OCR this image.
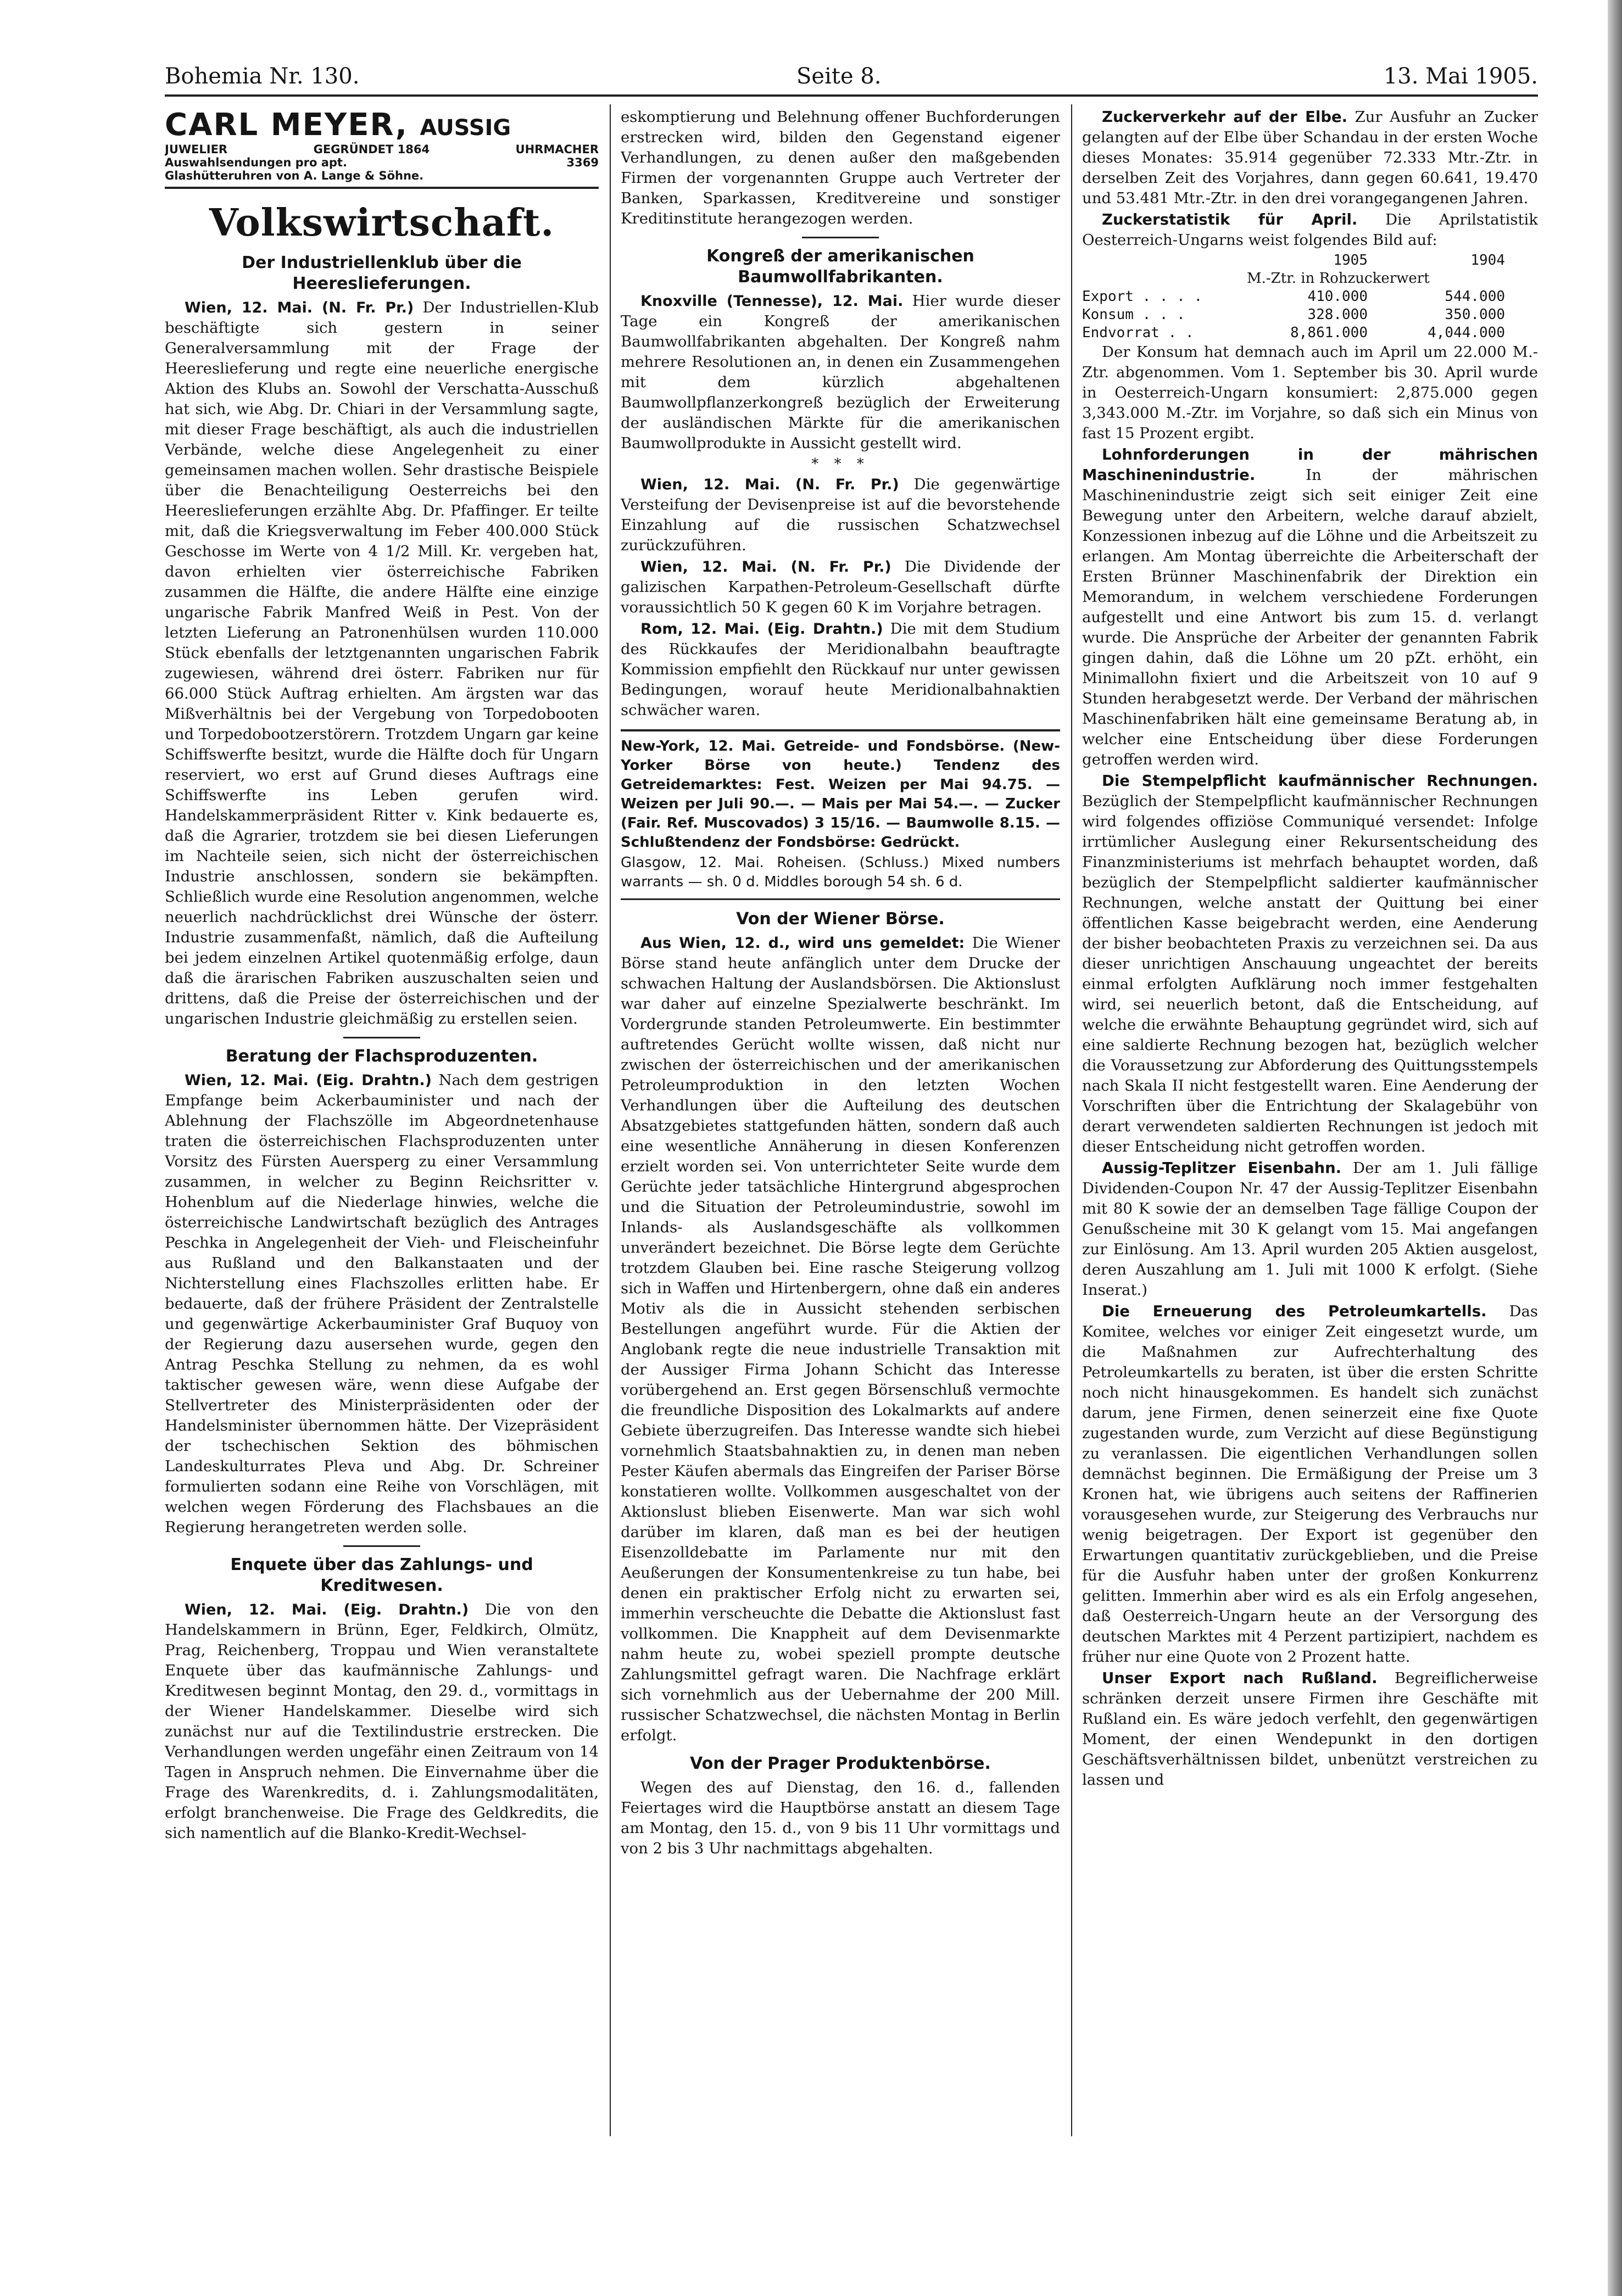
Bohemia Nr. 130.	Seite 8.	13. Mai 1905.
CARL MEYER, AUSSIG
JUWELIER	GEGRÜNDET 1864	UHRMACHER
Auswahlsendungen pro apt.	3369
Glashütteruhren von A. Lange & Söhne.
Volkswirtschaft.
Der Industriellenklub über die Heereslieferungen.

Wien, 12. Mai. (N. Fr. Pr.) Der Industriellen-Klub beschäftigte sich gestern in seiner Generalversammlung mit der Frage der Heereslieferung und regte eine neuerliche energische Aktion des Klubs an. Sowohl der Verschatta-Ausschuß hat sich, wie Abg. Dr. Chiari in der Versammlung sagte, mit dieser Frage beschäftigt, als auch die industriellen Verbände, welche diese Angelegenheit zu einer gemeinsamen machen wollen. Sehr drastische Beispiele über die Benachteiligung Oesterreichs bei den Heereslieferungen erzählte Abg. Dr. Pfaffinger. Er teilte mit, daß die Kriegsverwaltung im Feber 400.000 Stück Geschosse im Werte von 4 1/2 Mill. Kr. vergeben hat, davon erhielten vier österreichische Fabriken zusammen die Hälfte, die andere Hälfte eine einzige ungarische Fabrik Manfred Weiß in Pest. Von der letzten Lieferung an Patronenhülsen wurden 110.000 Stück ebenfalls der letztgenannten ungarischen Fabrik zugewiesen, während drei österr. Fabriken nur für 66.000 Stück Auftrag erhielten. Am ärgsten war das Mißverhältnis bei der Vergebung von Torpedobooten und Torpedobootzerstörern. Trotzdem Ungarn gar keine Schiffswerfte besitzt, wurde die Hälfte doch für Ungarn reserviert, wo erst auf Grund dieses Auftrags eine Schiffswerfte ins Leben gerufen wird. Handelskammerpräsident Ritter v. Kink bedauerte es, daß die Agrarier, trotzdem sie bei diesen Lieferungen im Nachteile seien, sich nicht der österreichischen Industrie anschlossen, sondern sie bekämpften. Schließlich wurde eine Resolution angenommen, welche neuerlich nachdrücklichst drei Wünsche der österr. Industrie zusammenfaßt, nämlich, daß die Aufteilung bei jedem einzelnen Artikel quotenmäßig erfolge, daun daß die ärarischen Fabriken auszuschalten seien und drittens, daß die Preise der österreichischen und der ungarischen Industrie gleichmäßig zu erstellen seien.

Beratung der Flachsproduzenten.

Wien, 12. Mai. (Eig. Drahtn.) Nach dem gestrigen Empfange beim Ackerbauminister und nach der Ablehnung der Flachszölle im Abgeordnetenhause traten die österreichischen Flachsproduzenten unter Vorsitz des Fürsten Auersperg zu einer Versammlung zusammen, in welcher zu Beginn Reichsritter v. Hohenblum auf die Niederlage hinwies, welche die österreichische Landwirtschaft bezüglich des Antrages Peschka in Angelegenheit der Vieh- und Fleischeinfuhr aus Rußland und den Balkanstaaten und der Nichterstellung eines Flachszolles erlitten habe. Er bedauerte, daß der frühere Präsident der Zentralstelle und gegenwärtige Ackerbauminister Graf Buquoy von der Regierung dazu ausersehen wurde, gegen den Antrag Peschka Stellung zu nehmen, da es wohl taktischer gewesen wäre, wenn diese Aufgabe der Stellvertreter des Ministerpräsidenten oder der Handelsminister übernommen hätte. Der Vizepräsident der tschechischen Sektion des böhmischen Landeskulturrates Pleva und Abg. Dr. Schreiner formulierten sodann eine Reihe von Vorschlägen, mit welchen wegen Förderung des Flachsbaues an die Regierung herangetreten werden solle.

Enquete über das Zahlungs- und Kreditwesen.

Wien, 12. Mai. (Eig. Drahtn.) Die von den Handelskammern in Brünn, Eger, Feldkirch, Olmütz, Prag, Reichenberg, Troppau und Wien veranstaltete Enquete über das kaufmännische Zahlungs- und Kreditwesen beginnt Montag, den 29. d., vormittags in der Wiener Handelskammer. Dieselbe wird sich zunächst nur auf die Textilindustrie erstrecken. Die Verhandlungen werden ungefähr einen Zeitraum von 14 Tagen in Anspruch nehmen. Die Einvernahme über die Frage des Warenkredits, d. i. Zahlungsmodalitäten, erfolgt branchenweise. Die Frage des Geldkredits, die sich namentlich auf die Blanko-Kredit-Wechsel-

eskomptierung und Belehnung offener Buchforderungen erstrecken wird, bilden den Gegenstand eigener Verhandlungen, zu denen außer den maßgebenden Firmen der vorgenannten Gruppe auch Vertreter der Banken, Sparkassen, Kreditvereine und sonstiger Kreditinstitute herangezogen werden.

Kongreß der amerikanischen Baumwollfabrikanten.

Knoxville (Tennesse), 12. Mai. Hier wurde dieser Tage ein Kongreß der amerikanischen Baumwollfabrikanten abgehalten. Der Kongreß nahm mehrere Resolutionen an, in denen ein Zusammengehen mit dem kürzlich abgehaltenen Baumwollpflanzerkongreß bezüglich der Erweiterung der ausländischen Märkte für die amerikanischen Baumwollprodukte in Aussicht gestellt wird.

* * *

Wien, 12. Mai. (N. Fr. Pr.) Die gegenwärtige Versteifung der Devisenpreise ist auf die bevorstehende Einzahlung auf die russischen Schatzwechsel zurückzuführen.

Wien, 12. Mai. (N. Fr. Pr.) Die Dividende der galizischen Karpathen-Petroleum-Gesellschaft dürfte voraussichtlich 50 K gegen 60 K im Vorjahre betragen.

Rom, 12. Mai. (Eig. Drahtn.) Die mit dem Studium des Rückkaufes der Meridionalbahn beauftragte Kommission empfiehlt den Rückkauf nur unter gewissen Bedingungen, worauf heute Meridionalbahnaktien schwächer waren.

New-York, 12. Mai. Getreide- und Fondsbörse. (New-Yorker Börse von heute.) Tendenz des Getreidemarktes: Fest. Weizen per Mai 94.75. — Weizen per Juli 90.—. — Mais per Mai 54.—. — Zucker (Fair. Ref. Muscovados) 3 15/16. — Baumwolle 8.15. — Schlußtendenz der Fondsbörse: Gedrückt.

Glasgow, 12. Mai. Roheisen. (Schluss.) Mixed numbers warrants — sh. 0 d. Middles borough 54 sh. 6 d.

Von der Wiener Börse.

Aus Wien, 12. d., wird uns gemeldet: Die Wiener Börse stand heute anfänglich unter dem Drucke der schwachen Haltung der Auslandsbörsen. Die Aktionslust war daher auf einzelne Spezialwerte beschränkt. Im Vordergrunde standen Petroleumwerte. Ein bestimmter auftretendes Gerücht wollte wissen, daß nicht nur zwischen der österreichischen und der amerikanischen Petroleumproduktion in den letzten Wochen Verhandlungen über die Aufteilung des deutschen Absatzgebietes stattgefunden hätten, sondern daß auch eine wesentliche Annäherung in diesen Konferenzen erzielt worden sei. Von unterrichteter Seite wurde dem Gerüchte jeder tatsächliche Hintergrund abgesprochen und die Situation der Petroleumindustrie, sowohl im Inlands- als Auslandsgeschäfte als vollkommen unverändert bezeichnet. Die Börse legte dem Gerüchte trotzdem Glauben bei. Eine rasche Steigerung vollzog sich in Waffen und Hirtenbergern, ohne daß ein anderes Motiv als die in Aussicht stehenden serbischen Bestellungen angeführt wurde. Für die Aktien der Anglobank regte die neue industrielle Transaktion mit der Aussiger Firma Johann Schicht das Interesse vorübergehend an. Erst gegen Börsenschluß vermochte die freundliche Disposition des Lokalmarkts auf andere Gebiete überzugreifen. Das Interesse wandte sich hiebei vornehmlich Staatsbahnaktien zu, in denen man neben Pester Käufen abermals das Eingreifen der Pariser Börse konstatieren wollte. Vollkommen ausgeschaltet von der Aktionslust blieben Eisenwerte. Man war sich wohl darüber im klaren, daß man es bei der heutigen Eisenzolldebatte im Parlamente nur mit den Aeußerungen der Konsumentenkreise zu tun habe, bei denen ein praktischer Erfolg nicht zu erwarten sei, immerhin verscheuchte die Debatte die Aktionslust fast vollkommen. Die Knappheit auf dem Devisenmarkte nahm heute zu, wobei speziell prompte deutsche Zahlungsmittel gefragt waren. Die Nachfrage erklärt sich vornehmlich aus der Uebernahme der 200 Mill. russischer Schatzwechsel, die nächsten Montag in Berlin erfolgt.

Von der Prager Produktenbörse.

Wegen des auf Dienstag, den 16. d., fallenden Feiertages wird die Hauptbörse anstatt an diesem Tage am Montag, den 15. d., von 9 bis 11 Uhr vormittags und von 2 bis 3 Uhr nachmittags abgehalten.

Zuckerverkehr auf der Elbe. Zur Ausfuhr an Zucker gelangten auf der Elbe über Schandau in der ersten Woche dieses Monates: 35.914 gegenüber 72.333 Mtr.-Ztr. in derselben Zeit des Vorjahres, dann gegen 60.641, 19.470 und 53.481 Mtr.-Ztr. in den drei vorangegangenen Jahren.

Zuckerstatistik für April. Die Aprilstatistik Oesterreich-Ungarns weist folgendes Bild auf:

1905	1904
M.-Ztr. in Rohzuckerwert
Export . . . .	410.000	544.000
Konsum . . .	328.000	350.000
Endvorrat . .	8,861.000	4,044.000

Der Konsum hat demnach auch im April um 22.000 M.-Ztr. abgenommen. Vom 1. September bis 30. April wurde in Oesterreich-Ungarn konsumiert: 2,875.000 gegen 3,343.000 M.-Ztr. im Vorjahre, so daß sich ein Minus von fast 15 Prozent ergibt.

Lohnforderungen in der mährischen Maschinenindustrie.	In der mährischen Maschinenindustrie zeigt sich seit einiger Zeit eine Bewegung unter den Arbeitern, welche darauf abzielt, Konzessionen inbezug auf die Löhne und die Arbeitszeit zu erlangen. Am Montag überreichte die Arbeiterschaft der Ersten Brünner Maschinenfabrik der Direktion ein Memorandum, in welchem verschiedene Forderungen aufgestellt und eine Antwort bis zum 15. d. verlangt wurde. Die Ansprüche der Arbeiter der genannten Fabrik gingen dahin, daß die Löhne um 20 pZt. erhöht, ein Minimallohn fixiert und die Arbeitszeit von 10 auf 9 Stunden herabgesetzt werde. Der Verband der mährischen Maschinenfabriken hält eine gemeinsame Beratung ab, in welcher eine Entscheidung über diese Forderungen getroffen werden wird.

Die Stempelpflicht kaufmännischer Rechnungen. Bezüglich der Stempelpflicht kaufmännischer Rechnungen wird folgendes offiziöse Communiqué versendet: Infolge irrtümlicher Auslegung einer Rekursentscheidung des Finanzministeriums ist mehrfach behauptet worden, daß bezüglich der Stempelpflicht saldierter kaufmännischer Rechnungen, welche anstatt der Quittung bei einer öffentlichen Kasse beigebracht werden, eine Aenderung der bisher beobachteten Praxis zu verzeichnen sei. Da aus dieser unrichtigen Anschauung ungeachtet der bereits einmal erfolgten Aufklärung noch immer festgehalten wird, sei neuerlich betont, daß die Entscheidung, auf welche die erwähnte Behauptung gegründet wird, sich auf eine saldierte Rechnung bezogen hat, bezüglich welcher die Voraussetzung zur Abforderung des Quittungsstempels nach Skala II nicht festgestellt waren. Eine Aenderung der Vorschriften über die Entrichtung der Skalagebühr von derart verwendeten saldierten Rechnungen ist jedoch mit dieser Entscheidung nicht getroffen worden.

Aussig-Teplitzer Eisenbahn. Der am 1. Juli fällige Dividenden-Coupon Nr. 47 der Aussig-Teplitzer Eisenbahn mit 80 K sowie der an demselben Tage fällige Coupon der Genußscheine mit 30 K gelangt vom 15. Mai angefangen zur Einlösung. Am 13. April wurden 205 Aktien ausgelost, deren Auszahlung am 1. Juli mit 1000 K erfolgt. (Siehe Inserat.)

Die Erneuerung des Petroleumkartells. Das Komitee, welches vor einiger Zeit eingesetzt wurde, um die Maßnahmen zur Aufrechterhaltung des Petroleumkartells zu beraten, ist über die ersten Schritte noch nicht hinausgekommen. Es handelt sich zunächst darum, jene Firmen, denen seinerzeit eine fixe Quote zugestanden wurde, zum Verzicht auf diese Begünstigung zu veranlassen. Die eigentlichen Verhandlungen sollen demnächst beginnen. Die Ermäßigung der Preise um 3 Kronen hat, wie übrigens auch seitens der Raffinerien vorausgesehen wurde, zur Steigerung des Verbrauchs nur wenig beigetragen. Der Export ist gegenüber den Erwartungen quantitativ zurückgeblieben, und die Preise für die Ausfuhr haben unter der großen Konkurrenz gelitten. Immerhin aber wird es als ein Erfolg angesehen, daß Oesterreich-Ungarn heute an der Versorgung des deutschen Marktes mit 4 Perzent partizipiert, nachdem es früher nur eine Quote von 2 Prozent hatte.

Unser Export nach Rußland. Begreiflicherweise schränken derzeit unsere Firmen ihre Geschäfte mit Rußland ein. Es wäre jedoch verfehlt, den gegenwärtigen Moment, der einen Wendepunkt in den dortigen Geschäftsverhältnissen bildet, unbenützt verstreichen zu lassen und
